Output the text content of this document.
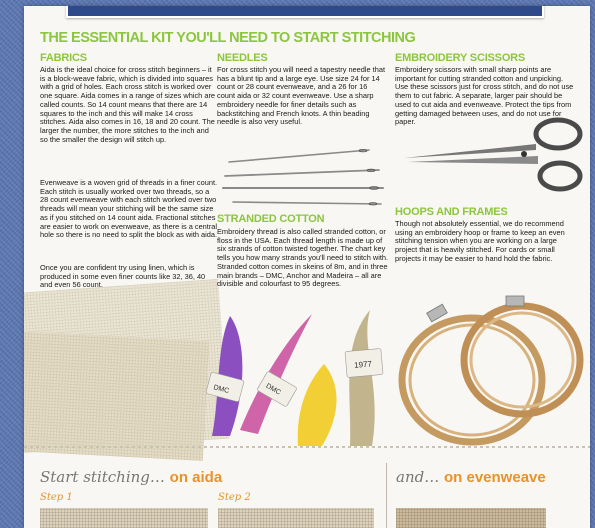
THE ESSENTIAL KIT YOU'LL NEED TO START STITCHING
FABRICS

Aida is the ideal choice for cross stitch beginners – it is a block-weave fabric, which is divided into squares with a grid of holes. Each cross stitch is worked over one square. Aida comes in a range of sizes which are called counts. So 14 count means that there are 14 squares to the inch and this will make 14 cross stitches. Aida also comes in 16, 18 and 20 count. The larger the number, the more stitches to the inch and so the smaller the design will stitch up.

Evenweave is a woven grid of threads in a finer count. Each stitch is usually worked over two threads, so a 28 count evenweave with each stitch worked over two threads will mean your stitching will be the same size as if you stitched on 14 count aida. Fractional stitches are easier to work on evenweave, as there is a central hole so there is no need to split the block as with aida.

Once you are confident try using linen, which is produced in some even finer counts like 32, 36, 40 and even 56 count.

NEEDLES

For cross stitch you will need a tapestry needle that has a blunt tip and a large eye. Use size 24 for 14 count or 28 count evenweave, and a 26 for 16 count aida or 32 count evenweave. Use a sharp embroidery needle for finer details such as backstitching and French knots. A thin beading needle is also very useful.

STRANDED COTTON

Embroidery thread is also called stranded cotton, or floss in the USA. Each thread length is made up of six strands of cotton twisted together. The chart key tells you how many strands you'll need to stitch with. Stranded cotton comes in skeins of 8m, and in three main brands – DMC, Anchor and Madeira – all are divisible and colourfast to 95 degrees.

DMC	DMC
1977
EMBROIDERY SCISSORS

Embroidery scissors with small sharp points are important for cutting stranded cotton and unpicking. Use these scissors just for cross stitch, and do not use them to cut fabric. A separate, larger pair should be used to cut aida and evenweave. Protect the tips from getting damaged between uses, and do not use for paper.

HOOPS AND FRAMES

Though not absolutely essential, we do recommend using an embroidery hoop or frame to keep an even stitching tension when you are working on a large project that is heavily stitched. For cards or small projects it may be easier to hand hold the fabric.

Start stitching… on aida	and… on evenweave
Step 1	Step 2
